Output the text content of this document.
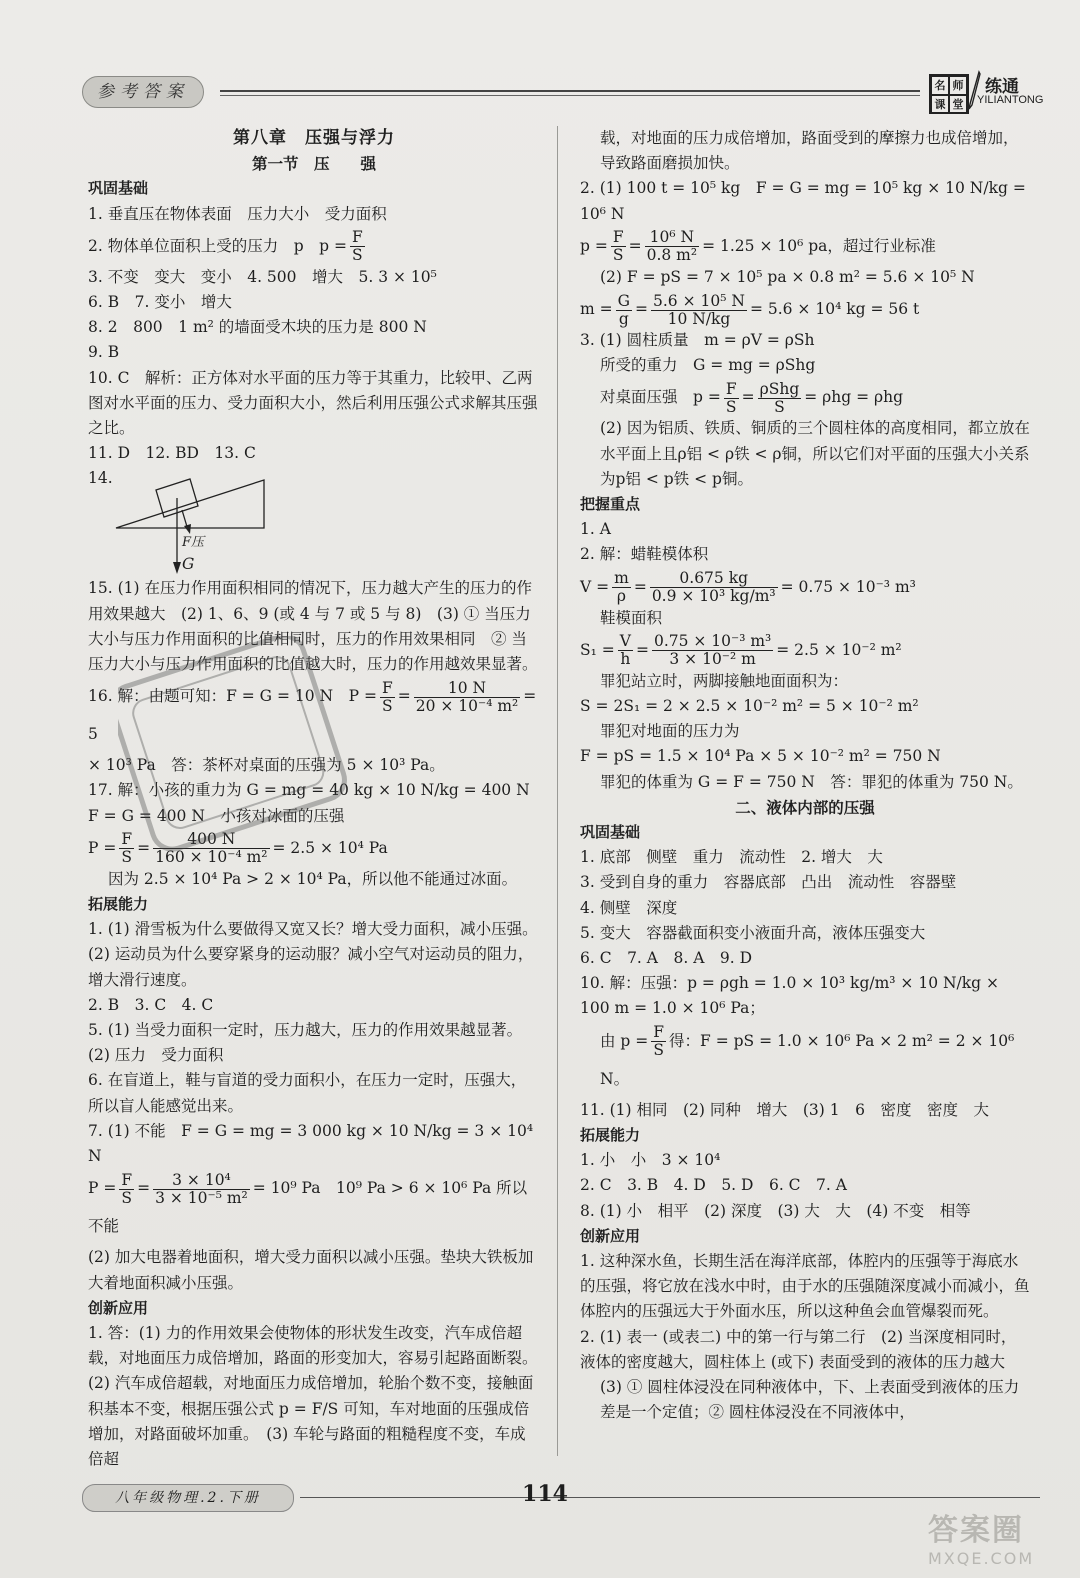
参考答案	名 师
课 堂
练通
YILIANTONG

第八章　压强与浮力

第一节　压　　强

巩固基础

1. 垂直压在物体表面　压力大小　受力面积

2. 物体单位面积上受的压力　p　$p = \frac{F}{S}$

3. 不变　变大　变小　4. 500　增大　5. 3 × 10⁵

6. B　7. 变小　增大

8. 2　800　1 m² 的墙面受木块的压力是 800 N

9. B

10. C　解析：正方体对水平面的压力等于其重力，比较甲、乙两图对水平面的压力、受力面积大小，然后利用压强公式求解其压强之比。

11. D　12. BD　13. C

14.
F压
G

15. (1) 在压力作用面积相同的情况下，压力越大产生的压力的作用效果越大　(2) 1、6、9 (或 4 与 7 或 5 与 8)　(3) ① 当压力大小与压力作用面积的比值相同时，压力的作用效果相同　② 当压力大小与压力作用面积的比值越大时，压力的作用越效果显著。

16. 解：由题可知：F = G = 10 N　$P = \frac{F}{S} = \frac{10 N}{\text{20 × 10⁻⁴ m²}} = 5$

× 10³ Pa　答：茶杯对桌面的压强为 5 × 10³ Pa。

17. 解：小孩的重力为 G = mg = 40 kg × 10 N/kg = 400 N

F = G = 400 N　小孩对冰面的压强

$P = \frac{F}{S} = \frac{400 N}{\text{160 × 10⁻⁴ m²}} = 2.5 \times 10^4$ Pa

因为 2.5 × 10⁴ Pa > 2 × 10⁴ Pa，所以他不能通过冰面。

拓展能力

1. (1) 滑雪板为什么要做得又宽又长？增大受力面积，减小压强。　(2) 运动员为什么要穿紧身的运动服？减小空气对运动员的阻力，增大滑行速度。

2. B　3. C　4. C

5. (1) 当受力面积一定时，压力越大，压力的作用效果越显著。　(2) 压力　受力面积

6. 在盲道上，鞋与盲道的受力面积小，在压力一定时，压强大，所以盲人能感觉出来。

7. (1) 不能　F = G = mg = 3 000 kg × 10 N/kg = 3 × 10⁴ N

$P = \frac{F}{S} = \frac{\text{3 × 10⁴}}{\text{3 × 10⁻⁵ m²}} = 10^9$ Pa　10⁹ Pa > 6 × 10⁶ Pa 所以不能

(2) 加大电器着地面积，增大受力面积以减小压强。垫块大铁板加大着地面积减小压强。

创新应用

1. 答：(1) 力的作用效果会使物体的形状发生改变，汽车成倍超载，对地面压力成倍增加，路面的形变加大，容易引起路面断裂。　(2) 汽车成倍超载，对地面压力成倍增加，轮胎个数不变，接触面积基本不变，根据压强公式 p = F/S 可知，车对地面的压强成倍增加，对路面破坏加重。　(3) 车轮与路面的粗糙程度不变，车成倍超

载，对地面的压力成倍增加，路面受到的摩擦力也成倍增加，导致路面磨损加快。

2. (1) 100 t = 10⁵ kg　F = G = mg = 10⁵ kg × 10 N/kg = 10⁶ N

$p = \frac{F}{S} = \frac{\text{10⁶ N}}{\text{0.8 m²}} = 1.25 \times 10^6$ pa，超过行业标准

(2) F = pS = 7 × 10⁵ pa × 0.8 m² = 5.6 × 10⁵ N

$m = \frac{G}{g} = \frac{\text{5.6 × 10⁵ N}}{10 N/kg} = 5.6 \times 10^4$ kg = 56 t

3. (1) 圆柱质量　m = ρV = ρSh

所受的重力　G = mg = ρShg

对桌面压强　$p = \frac{F}{S} = \frac{\text{ρShg}}{S} = \rho hg = \rho hg$

(2) 因为铝质、铁质、铜质的三个圆柱体的高度相同，都立放在水平面上且ρ铝 < ρ铁 < ρ铜，所以它们对平面的压强大小关系为p铝 < p铁 < p铜。

把握重点

1. A

2. 解：蜡鞋模体积

$V = \frac{m}{\rho} = \frac{0.675 kg}{\text{0.9 × 10³ kg/m³}} = 0.75 \times 10^{-3}$ m³

鞋模面积

$S_1 = \frac{V}{h} = \frac{\text{0.75 × 10⁻³ m³}}{\text{3 × 10⁻² m}} = 2.5 \times 10^{-2}$ m²

罪犯站立时，两脚接触地面面积为：

S = 2S₁ = 2 × 2.5 × 10⁻² m² = 5 × 10⁻² m²

罪犯对地面的压力为

F = pS = 1.5 × 10⁴ Pa × 5 × 10⁻² m² = 750 N

罪犯的体重为 G = F = 750 N　答：罪犯的体重为 750 N。

二、液体内部的压强

巩固基础

1. 底部　侧壁　重力　流动性　2. 增大　大

3. 受到自身的重力　容器底部　凸出　流动性　容器壁

4. 侧壁　深度

5. 变大　容器截面积变小液面升高，液体压强变大

6. C　7. A　8. A　9. D

10. 解：压强：p = ρgh = 1.0 × 10³ kg/m³ × 10 N/kg × 100 m = 1.0 × 10⁶ Pa；

由 $p = \frac{F}{S}$ 得：F = pS = 1.0 × 10⁶ Pa × 2 m² = 2 × 10⁶ N。

11. (1) 相同　(2) 同种　增大　(3) 1　6　密度　密度　大

拓展能力

1. 小　小　3 × 10⁴

2. C　3. B　4. D　5. D　6. C　7. A

8. (1) 小　相平　(2) 深度　(3) 大　大　(4) 不变　相等

创新应用

1. 这种深水鱼，长期生活在海洋底部，体腔内的压强等于海底水的压强，将它放在浅水中时，由于水的压强随深度减小而减小，鱼体腔内的压强远大于外面水压，所以这种鱼会血管爆裂而死。

2. (1) 表一 (或表二) 中的第一行与第二行　(2) 当深度相同时，液体的密度越大，圆柱体上 (或下) 表面受到的液体的压力越大

(3) ① 圆柱体浸没在同种液体中，下、上表面受到液体的压力差是一个定值；② 圆柱体浸没在不同液体中，

八年级物理.2.下册	114
答案圈
MXQE.COM
